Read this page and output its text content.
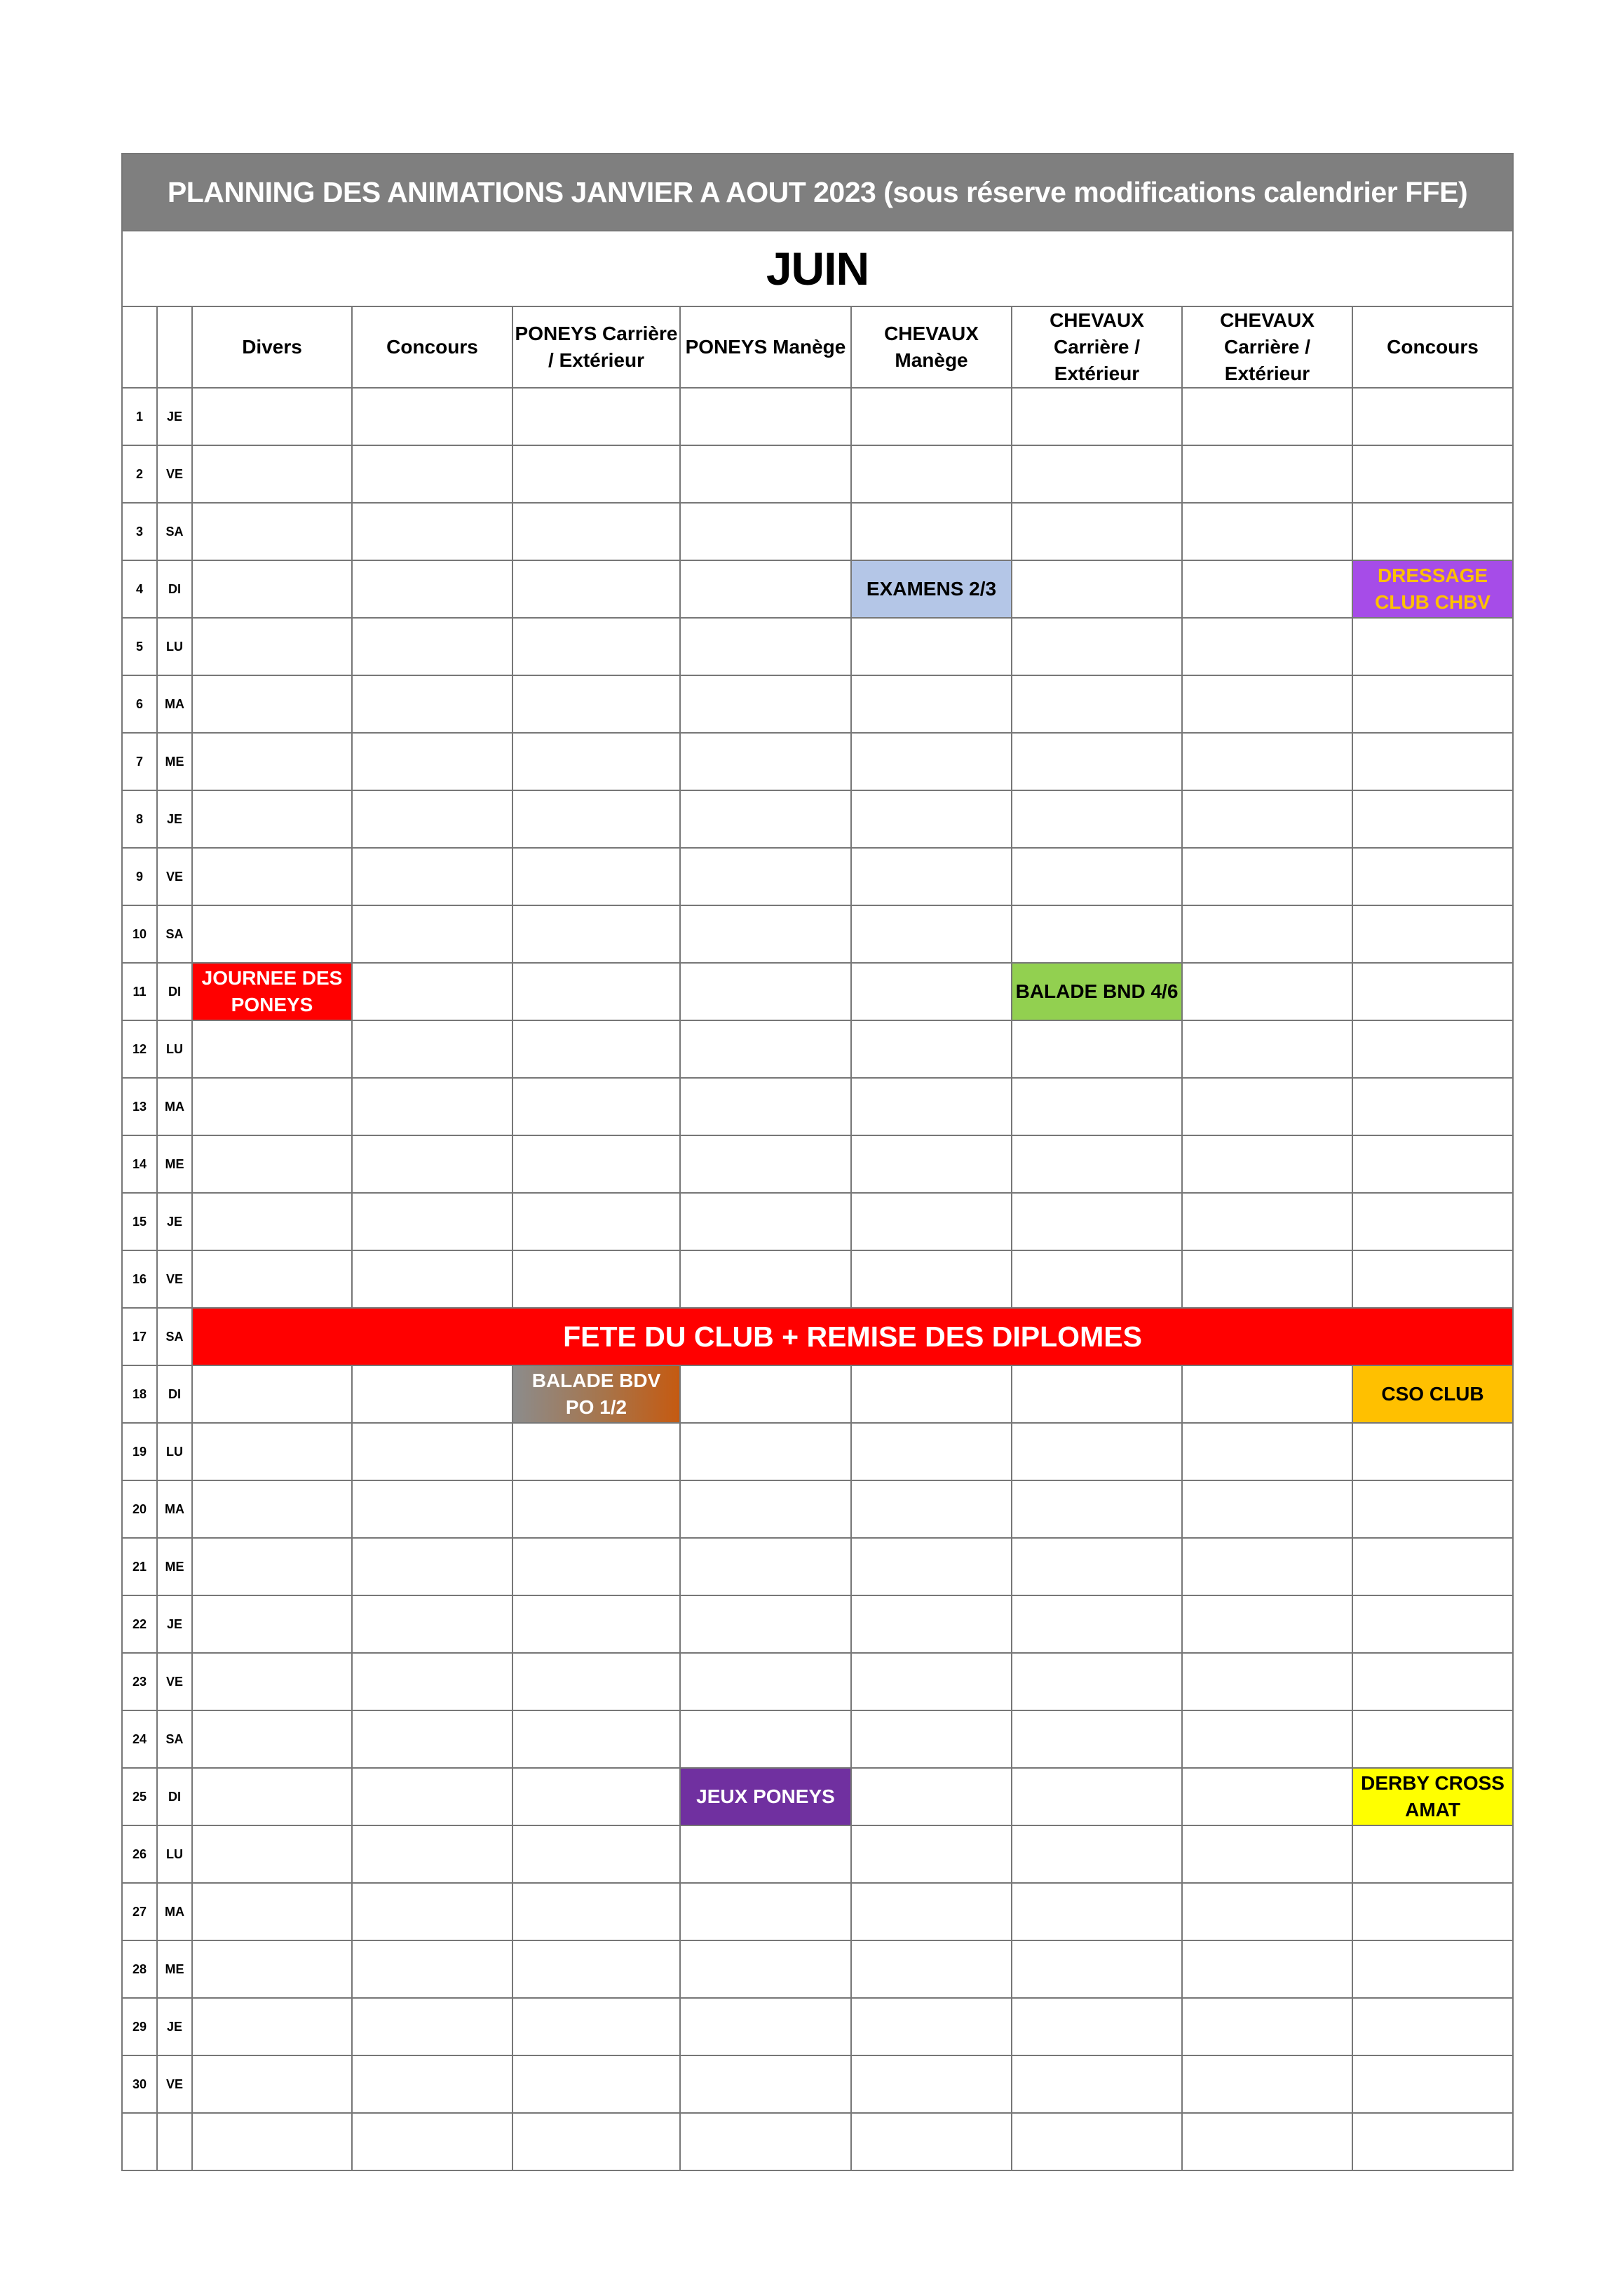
PLANNING DES ANIMATIONS JANVIER A AOUT 2023 (sous réserve modifications calendrier FFE)									
JUIN									
		Divers	Concours	PONEYS Carrière / Extérieur	PONEYS Manège	CHEVAUX Manège	CHEVAUX Carrière / Extérieur	CHEVAUX Carrière / Extérieur	Concours
1	JE								
2	VE								
3	SA								
4	DI					EXAMENS 2/3			DRESSAGE CLUB CHBV
5	LU								
6	MA								
7	ME								
8	JE								
9	VE								
10	SA								
11	DI	JOURNEE DES PONEYS					BALADE BND 4/6		
12	LU								
13	MA								
14	ME								
15	JE								
16	VE								
17	SA	FETE DU CLUB + REMISE DES DIPLOMES							
18	DI			BALADE BDV PO 1/2					CSO CLUB
19	LU								
20	MA								
21	ME								
22	JE								
23	VE								
24	SA								
25	DI				JEUX PONEYS				DERBY CROSS AMAT
26	LU								
27	MA								
28	ME								
29	JE								
30	VE								
